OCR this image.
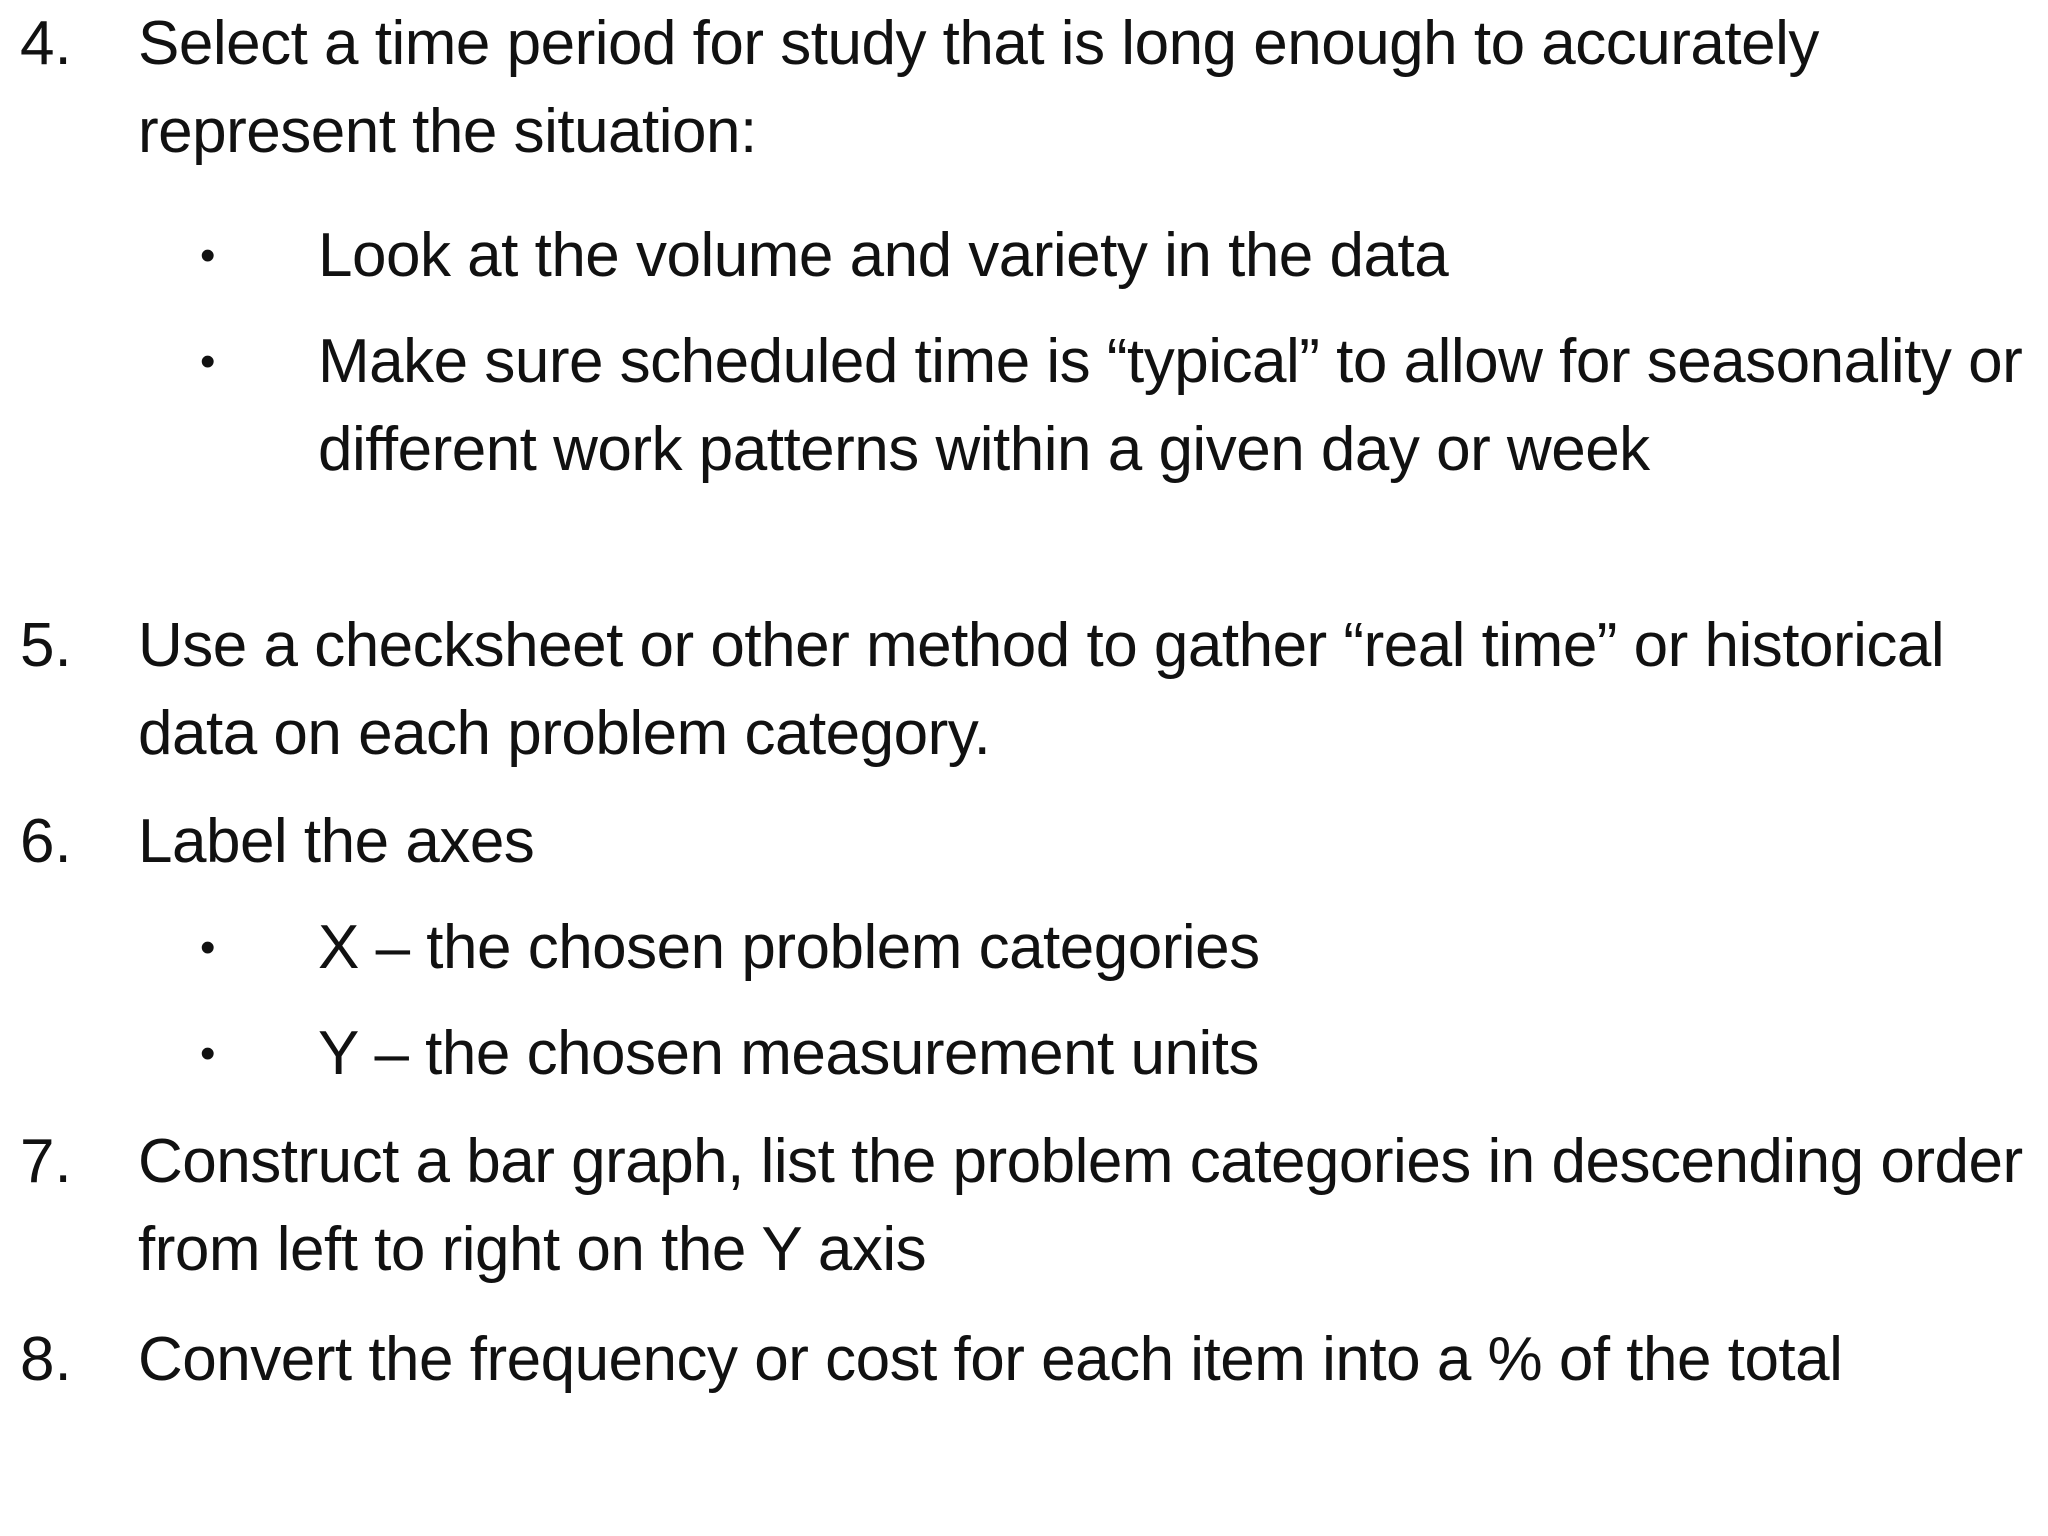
4. Select a time period for study that is long enough to accurately represent the situation:
• Look at the volume and variety in the data
• Make sure scheduled time is “typical” to allow for seasonality or different work patterns within a given day or week
5. Use a checksheet or other method to gather “real time” or historical data on each problem category.
6. Label the axes
• X – the chosen problem categories
• Y – the chosen measurement units
7. Construct a bar graph, list the problem categories in descending order from left to right on the Y axis
8. Convert the frequency or cost for each item into a % of the total
